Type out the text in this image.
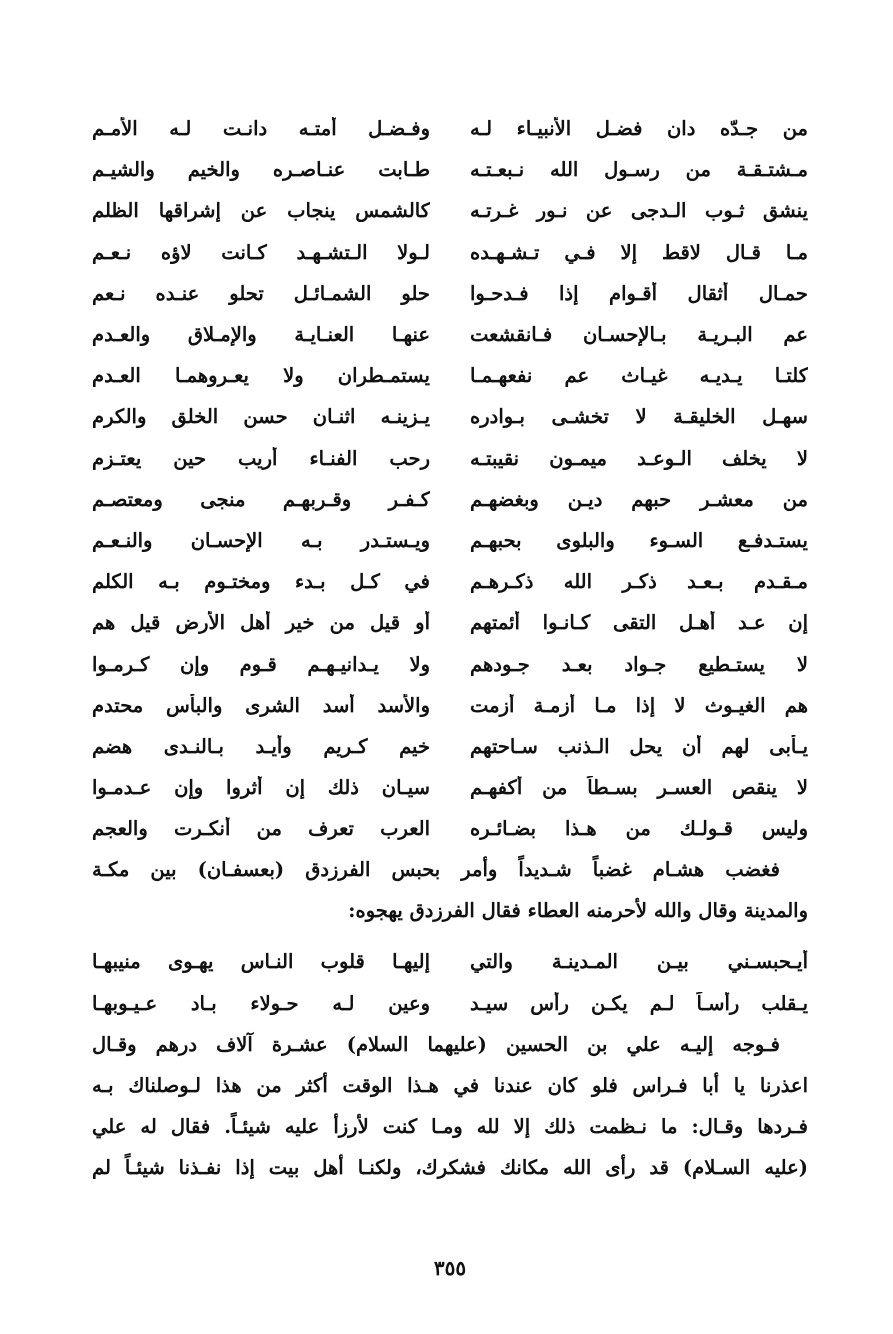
من جـدّه دان فضـل الأنبيـاء لـه
وفـضـل أمتـه دانـت لـه الأمـم
مـشتـقـة من رسـول الله نـبعـتـه
طـابت عنـاصـره والخيم والشيـم
ينشق ثـوب الـدجى عن نـور غـرتـه
كالشمس ينجاب عن إشراقها الظلم
مـا قـال لاقط إلا فـي تـشـهـده
لـولا الـتشـهـد كـانت لاؤه نـعـم
حمـال أثقال أقـوام إذا فـدحـوا
حلو الشمـائـل تحلو عنـده نـعم
عم البـريـة بـالإحسـان فـانقشعت
عنهـا العنـايـة والإمـلاق والعـدم
كلتـا يـديـه غيـاث عم نفعهـمـا
يستمـطران ولا يعـروهمـا العـدم
سهـل الخليقـة لا تخشـى بـوادره
يـزينـه اثنـان حسن الخلق والكرم
لا يخلف الـوعـد ميمـون نقيبتـه
رحب الفنـاء أريب حين يعتـزم
من معشـر حبهم ديـن وبغضهـم
كـفـر وقـربهـم منجى ومعتصـم
يستـدفـع السـوء والبلوى بحبهـم
ويـستـدر بـه الإحسـان والنـعـم
مـقـدم بـعـد ذكـر الله ذكـرهـم
في كـل بـدء ومختـوم بـه الكلم
إن عـد أهـل التقى كـانـوا أئمتهم
أو قيل من خير أهل الأرض قيل هم
لا يستـطيع جـواد بعـد جـودهم
ولا يـدانيـهـم قـوم وإن كـرمـوا
هم الغيـوث لا إذا مـا أزمـة أزمت
والأسد أسد الشرى والبأس محتدم
يـأبى لهم أن يحل الـذنب سـاحتهم
خيم كـريم وأيـد بـالنـدى هضم
لا ينقص العسـر بسـطاً من أكفهـم
سيـان ذلك إن أثروا وإن عـدمـوا
وليس قـولـك من هـذا بضـائـره
العرب تعرف من أنكـرت والعجم
فغضب هشـام غضباً شـديداً وأمر بحبس الفرزدق (بعسفـان) بين مكـة
والمدينة وقال والله لأحرمنه العطاء فقال الفرزدق يهجوه:
أيـحبسـني بيـن المـدينـة والتي
إليهـا قلوب النـاس يهـوى منيبهـا
يـقلب رأسـاً لـم يكـن رأس سيـد
وعين لـه حـولاء بـاد عـيـوبهـا
فـوجه إليـه علي بن الحسين (عليهما السلام) عشـرة آلاف درهم وقـال
اعذرنا يا أبا فـراس فلو كان عندنا في هـذا الوقت أكثر من هذا لـوصلناك بـه
فـردها وقـال: ما نـظمت ذلك إلا لله ومـا كنت لأرزأ عليه شيئـاً. فقال له علي
(عليه السـلام) قد رأى الله مكانك فشكرك، ولكنـا أهل بيت إذا نفـذنا شيئـاً لم
٣٥٥
